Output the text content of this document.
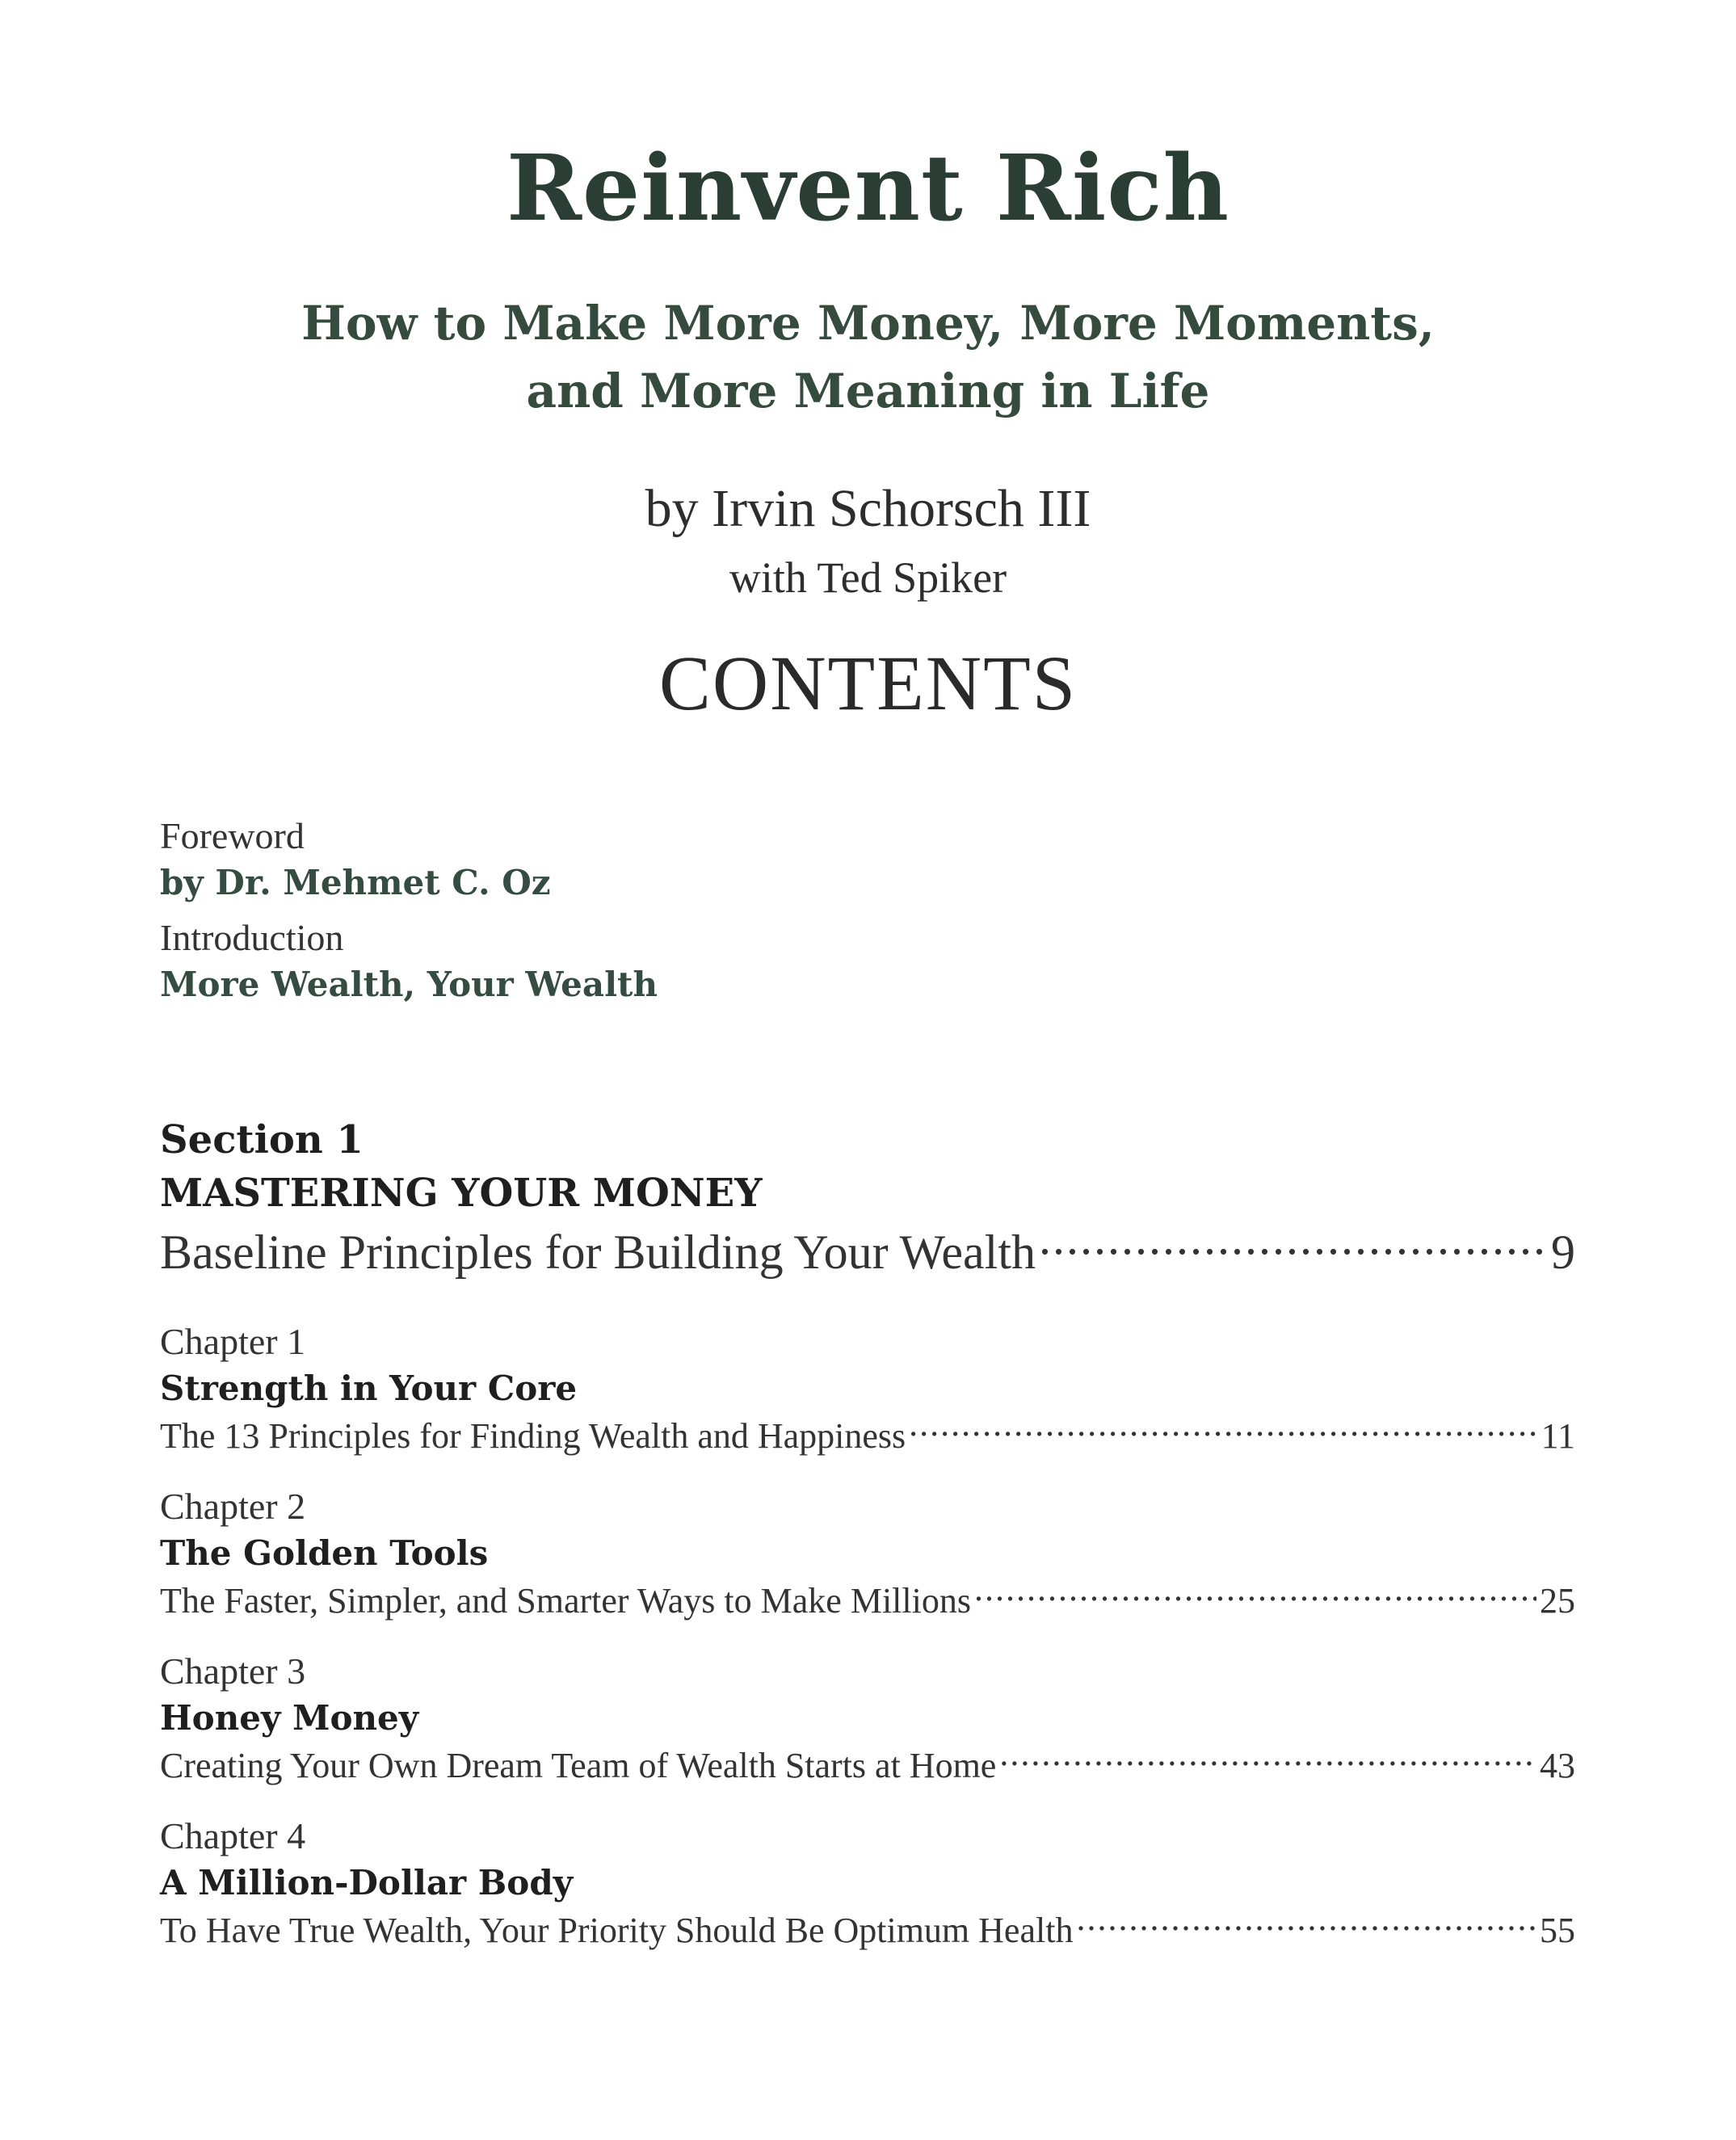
Reinvent Rich
How to Make More Money, More Moments,
and More Meaning in Life
by Irvin Schorsch III
with Ted Spiker
CONTENTS
Foreword
by Dr. Mehmet C. Oz
Introduction
More Wealth, Your Wealth
Section 1
MASTERING YOUR MONEY
Baseline Principles for Building Your Wealth .....	9
Chapter 1
Strength in Your Core
The 13 Principles for Finding Wealth and Happiness .....	11
Chapter 2
The Golden Tools
The Faster, Simpler, and Smarter Ways to Make Millions .....	25
Chapter 3
Honey Money
Creating Your Own Dream Team of Wealth Starts at Home .....	43
Chapter 4
A Million-Dollar Body
To Have True Wealth, Your Priority Should Be Optimum Health .....	55
